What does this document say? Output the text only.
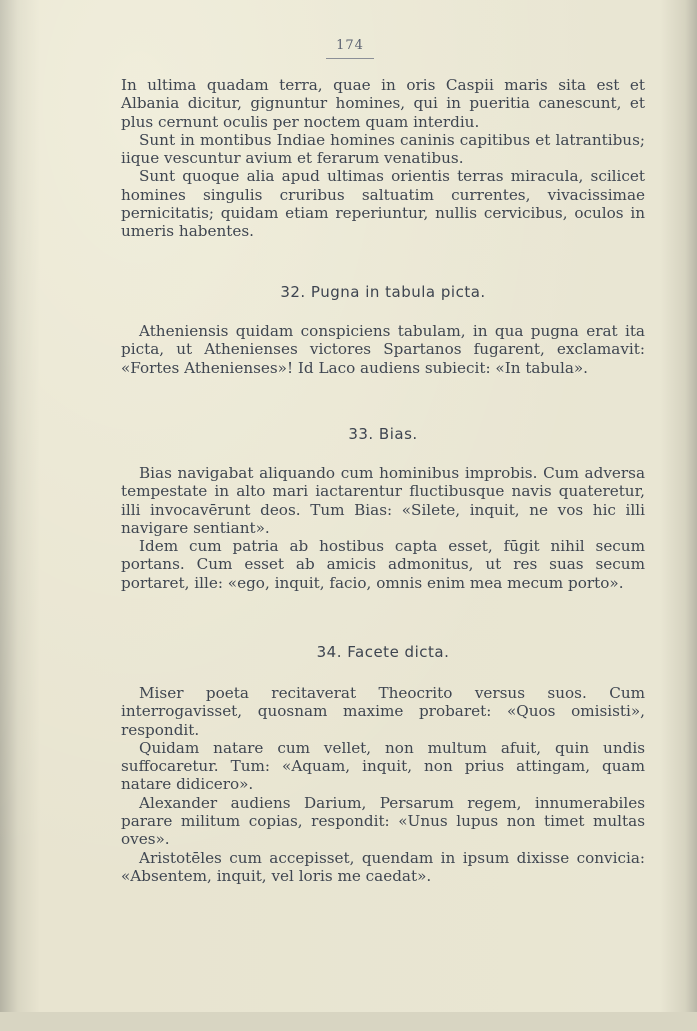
174

In ultima quadam terra, quae in oris Caspii maris sita est et Albania dicitur, gignuntur homines, qui in pueritia canescunt, et plus cernunt oculis per noctem quam interdiu.

Sunt in montibus Indiae homines caninis capitibus et latrantibus; iique vescuntur avium et ferarum venatibus.

Sunt quoque alia apud ultimas orientis terras miracula, scilicet homines singulis cruribus saltuatim currentes, vivacissimae pernicitatis; quidam etiam reperiuntur, nullis cervicibus, oculos in umeris habentes.

32. Pugna in tabula picta.

Atheniensis quidam conspiciens tabulam, in qua pugna erat ita picta, ut Athenienses victores Spartanos fugarent, exclamavit: «Fortes Athenienses»! Id Laco audiens subiecit: «In tabula».

33. Bias.

Bias navigabat aliquando cum hominibus improbis. Cum adversa tempestate in alto mari iactarentur fluctibusque navis quateretur, illi invocavērunt deos. Tum Bias: «Silete, inquit, ne vos hic illi navigare sentiant».

Idem cum patria ab hostibus capta esset, fūgit nihil secum portans. Cum esset ab amicis admonitus, ut res suas secum portaret, ille: «ego, inquit, facio, omnis enim mea mecum porto».

34. Facete dicta.

Miser poeta recitaverat Theocrito versus suos. Cum interrogavisset, quosnam maxime probaret: «Quos omisisti», respondit.

Quidam natare cum vellet, non multum afuit, quin undis suffocaretur. Tum: «Aquam, inquit, non prius attingam, quam natare didicero».

Alexander audiens Darium, Persarum regem, innumerabiles parare militum copias, respondit: «Unus lupus non timet multas oves».

Aristotēles cum accepisset, quendam in ipsum dixisse convicia: «Absentem, inquit, vel loris me caedat».
